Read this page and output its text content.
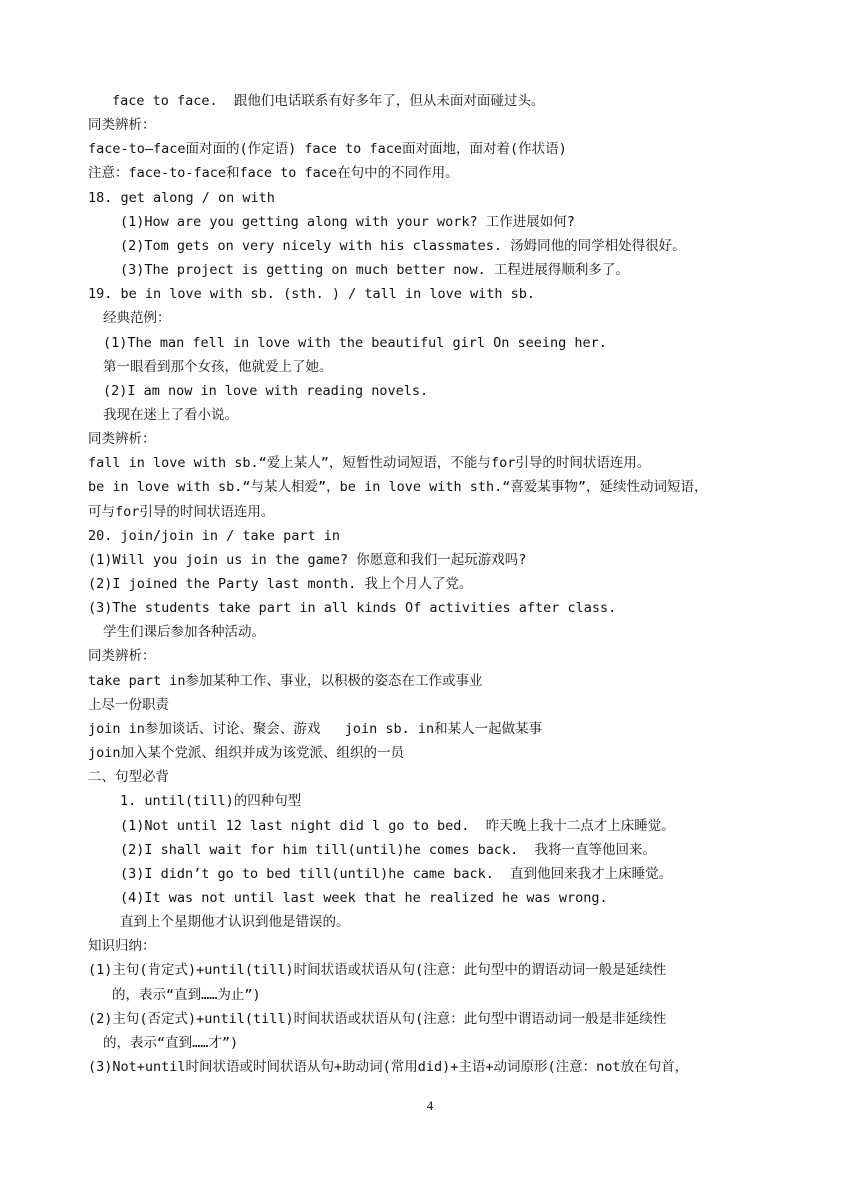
face to face.  跟他们电话联系有好多年了，但从未面对面碰过头。
同类辨析：
face-to—face面对面的(作定语) face to face面对面地，面对着(作状语)
注意：face-to-face和face to face在句中的不同作用。
18. get along / on with
(1)How are you getting along with your work? 工作进展如何?
(2)Tom gets on very nicely with his classmates. 汤姆同他的同学相处得很好。
(3)The project is getting on much better now. 工程进展得顺利多了。
19. be in love with sb. (sth. ) / tall in love with sb.
经典范例：
(1)The man fell in love with the beautiful girl On seeing her.
第一眼看到那个女孩，他就爱上了她。
(2)I am now in love with reading novels.
我现在迷上了看小说。
同类辨析：
fall in love with sb.“爱上某人”，短暂性动词短语，不能与for引导的时间状语连用。
be in love with sb.“与某人相爱”，be in love with sth.“喜爱某事物”，延续性动词短语，
可与for引导的时间状语连用。
20. join/join in / take part in
(1)Will you join us in the game? 你愿意和我们一起玩游戏吗?
(2)I joined the Party last month. 我上个月人了党。
(3)The students take part in all kinds Of activities after class.
学生们课后参加各种活动。
同类辨析：
take part in参加某种工作、事业，以积极的姿态在工作或事业
上尽一份职责
join in参加谈话、讨论、聚会、游戏   join sb. in和某人一起做某事
join加入某个党派、组织并成为该党派、组织的一员
二、句型必背
1. until(till)的四种句型
(1)Not until 12 last night did l go to bed.  昨天晚上我十二点才上床睡觉。
(2)I shall wait for him till(until)he comes back.  我将一直等他回来。
(3)I didn’t go to bed till(until)he came back.  直到他回来我才上床睡觉。
(4)It was not until last week that he realized he was wrong.
直到上个星期他才认识到他是错误的。
知识归纳：
(1)主句(肯定式)+until(till)时间状语或状语从句(注意：此句型中的谓语动词一般是延续性
的，表示“直到……为止”)
(2)主句(否定式)+until(till)时间状语或状语从句(注意：此句型中谓语动词一般是非延续性
的，表示“直到……才”)
(3)Not+until时间状语或时间状语从句+助动词(常用did)+主语+动词原形(注意：not放在句首，
4
